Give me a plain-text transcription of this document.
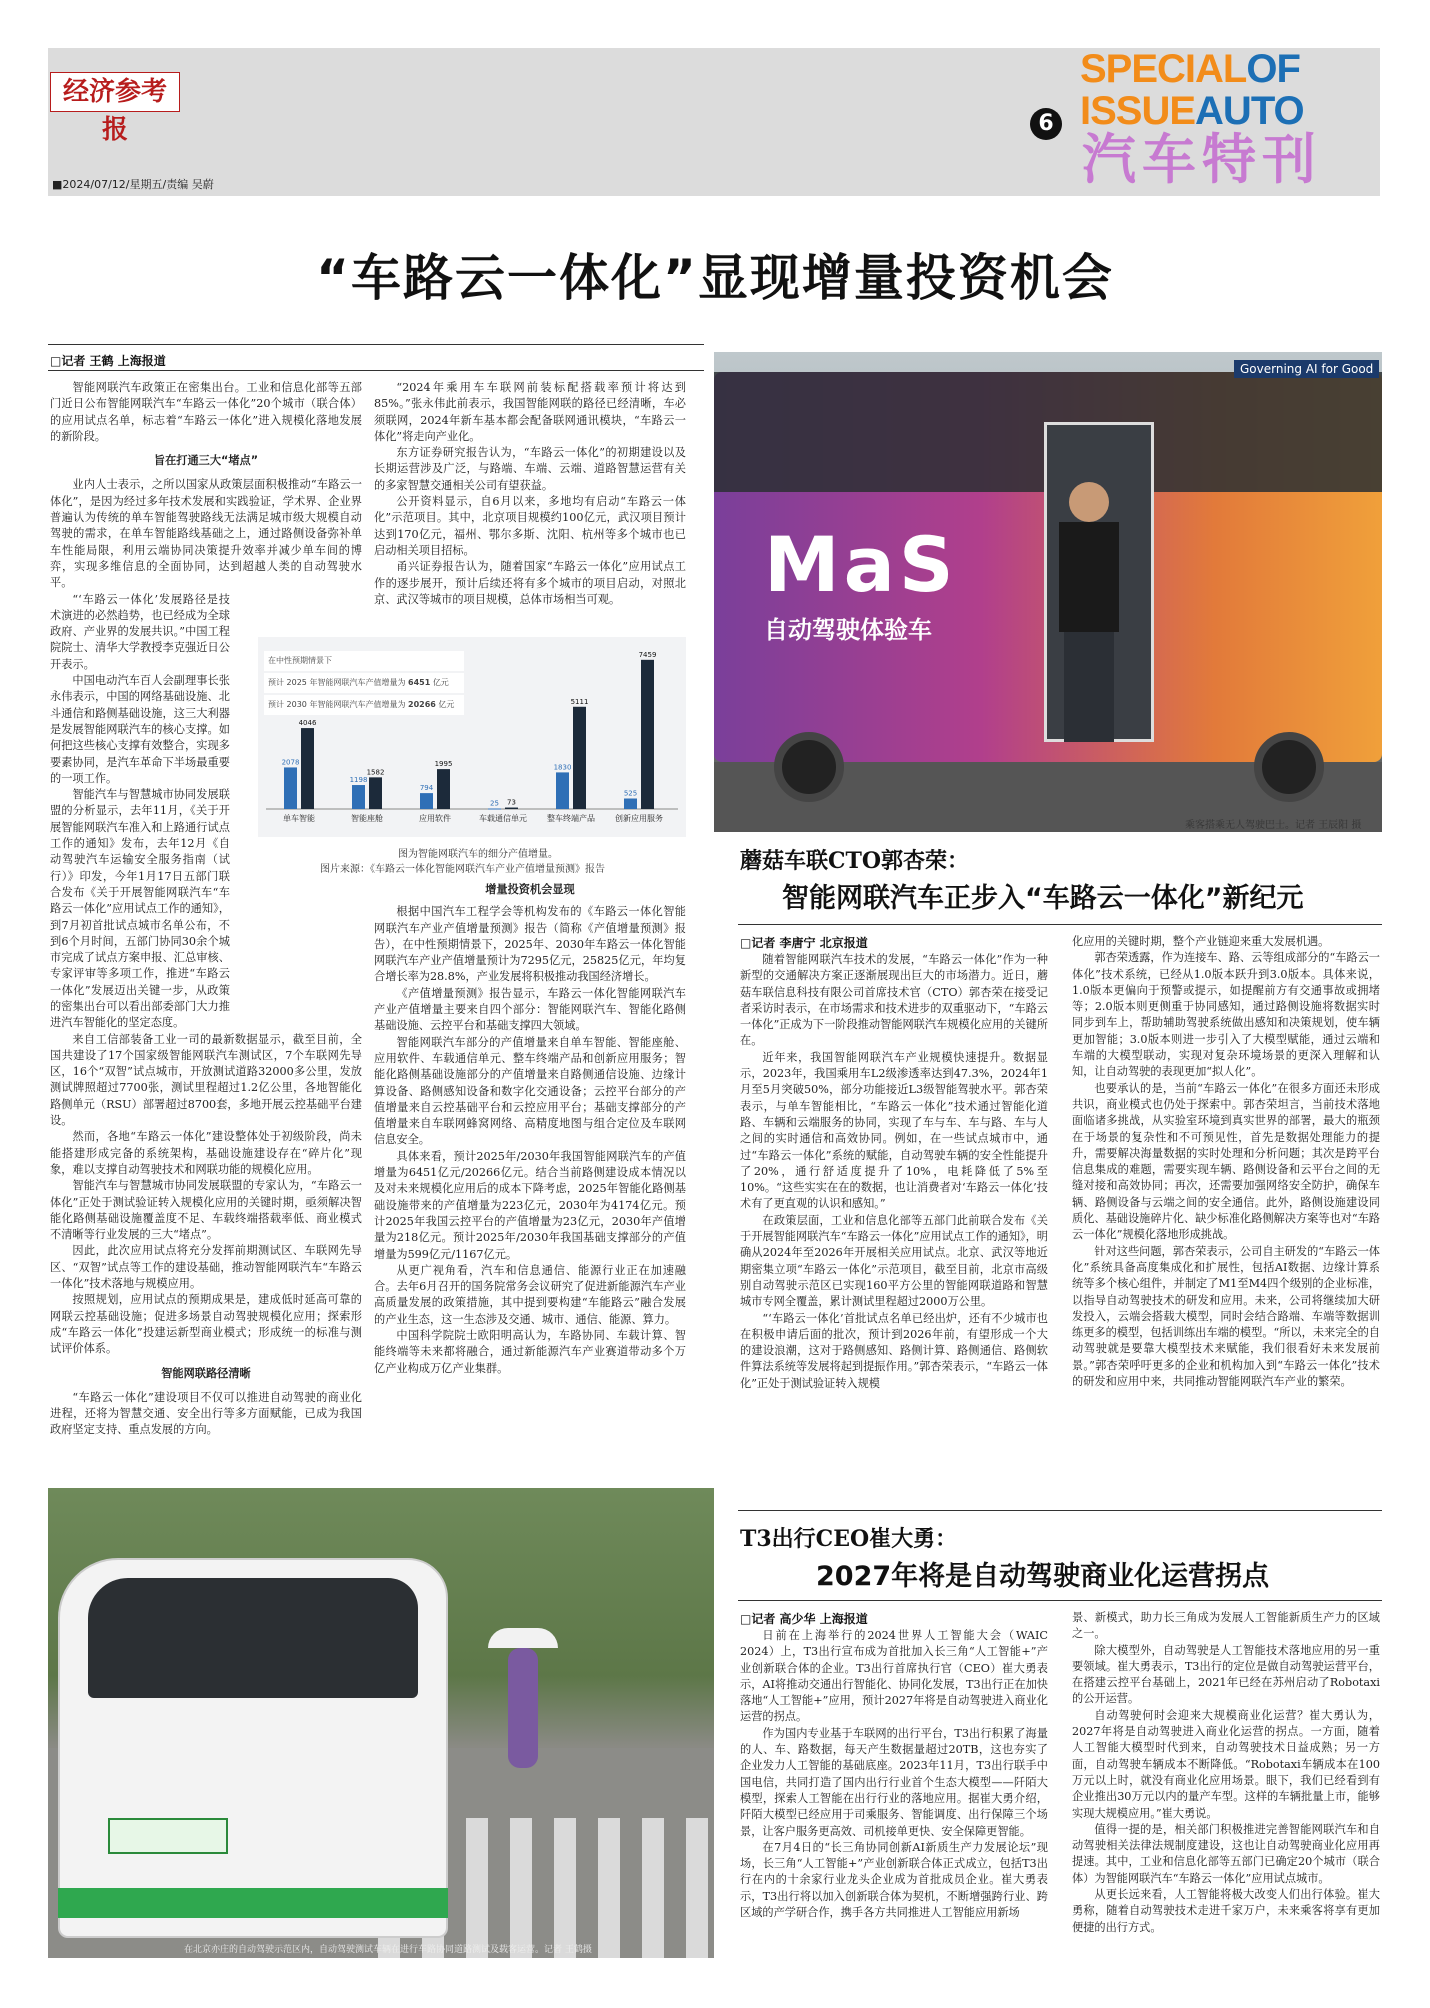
经济参考报	6
SPECIALOF
ISSUEAUTO
汽车特刊
■2024/07/12/星期五/责编 吴蔚
“车路云一体化”显现增量投资机会
□记者 王鹤 上海报道

智能网联汽车政策正在密集出台。工业和信息化部等五部门近日公布智能网联汽车“车路云一体化”20个城市（联合体）的应用试点名单，标志着“车路云一体化”进入规模化落地发展的新阶段。

旨在打通三大“堵点”

业内人士表示，之所以国家从政策层面积极推动“车路云一体化”，是因为经过多年技术发展和实践验证，学术界、企业界普遍认为传统的单车智能驾驶路线无法满足城市级大规模自动驾驶的需求，在单车智能路线基础之上，通过路侧设备弥补单车性能局限，利用云端协同决策提升效率并减少单车间的博弈，实现多维信息的全面协同，达到超越人类的自动驾驶水平。

“‘车路云一体化’发展路径是技术演进的必然趋势，也已经成为全球政府、产业界的发展共识。”中国工程院院士、清华大学教授李克强近日公开表示。

中国电动汽车百人会副理事长张永伟表示，中国的网络基础设施、北斗通信和路侧基础设施，这三大利器是发展智能网联汽车的核心支撑。如何把这些核心支撑有效整合，实现多要素协同，是汽车革命下半场最重要的一项工作。

智能汽车与智慧城市协同发展联盟的分析显示，去年11月，《关于开展智能网联汽车准入和上路通行试点工作的通知》发布，去年12月《自动驾驶汽车运输安全服务指南（试行）》印发，今年1月17日五部门联合发布《关于开展智能网联汽车“车路云一体化”应用试点工作的通知》，到7月初首批试点城市名单公布，不到6个月时间，五部门协同30余个城市完成了试点方案申报、汇总审核、专家评审等多项工作，推进“车路云一体化”发展迈出关键一步，从政策的密集出台可以看出部委部门大力推进汽车智能化的坚定态度。

来自工信部装备工业一司的最新数据显示，截至目前，全国共建设了17个国家级智能网联汽车测试区，7个车联网先导区，16个“双智”试点城市，开放测试道路32000多公里，发放测试牌照超过7700张，测试里程超过1.2亿公里，各地智能化路侧单元（RSU）部署超过8700套，多地开展云控基础平台建设。

然而，各地“车路云一体化”建设整体处于初级阶段，尚未能搭建形成完备的系统架构，基础设施建设存在“碎片化”现象，难以支撑自动驾驶技术和网联功能的规模化应用。

智能汽车与智慧城市协同发展联盟的专家认为，“车路云一体化”正处于测试验证转入规模化应用的关键时期，亟须解决智能化路侧基础设施覆盖度不足、车载终端搭载率低、商业模式不清晰等行业发展的三大“堵点”。

因此，此次应用试点将充分发挥前期测试区、车联网先导区、“双智”试点等工作的建设基础，推动智能网联汽车“车路云一体化”技术落地与规模应用。

按照规划，应用试点的预期成果是，建成低时延高可靠的网联云控基础设施；促进多场景自动驾驶规模化应用；探索形成“车路云一体化”投建运新型商业模式；形成统一的标准与测试评价体系。

智能网联路径清晰

“车路云一体化”建设项目不仅可以推进自动驾驶的商业化进程，还将为智慧交通、安全出行等多方面赋能，已成为我国政府坚定支持、重点发展的方向。

“2024年乘用车车联网前装标配搭载率预计将达到85%。”张永伟此前表示，我国智能网联的路径已经清晰，车必须联网，2024年新车基本都会配备联网通讯模块，“车路云一体化”将走向产业化。

东方证券研究报告认为，“车路云一体化”的初期建设以及长期运营涉及广泛，与路端、车端、云端、道路智慧运营有关的多家智慧交通相关公司有望获益。

公开资料显示，自6月以来，多地均有启动“车路云一体化”示范项目。其中，北京项目规模约100亿元，武汉项目预计达到170亿元，福州、鄂尔多斯、沈阳、杭州等多个城市也已启动相关项目招标。

甬兴证券报告认为，随着国家“车路云一体化”应用试点工作的逐步展开，预计后续还将有多个城市的项目启动，对照北京、武汉等城市的项目规模，总体市场相当可观。

在中性预期情景下
预计 2025 年智能网联汽车产值增量为 6451 亿元
预计 2030 年智能网联汽车产值增量为 20266 亿元
2078
4046
单车智能
1198
1582
智能座舱
794
1995
应用软件
25 73
车载通信单元
1830
5111
整车终端产品
525
7459
创新应用服务
图为智能网联汽车的细分产值增量。
图片来源：《车路云一体化智能网联汽车产业产值增量预测》报告

增量投资机会显现

根据中国汽车工程学会等机构发布的《车路云一体化智能网联汽车产业产值增量预测》报告（简称《产值增量预测》报告），在中性预期情景下，2025年、2030年车路云一体化智能网联汽车产业产值增量预计为7295亿元，25825亿元，年均复合增长率为28.8%，产业发展将积极推动我国经济增长。

《产值增量预测》报告显示，车路云一体化智能网联汽车产业产值增量主要来自四个部分：智能网联汽车、智能化路侧基础设施、云控平台和基础支撑四大领域。

智能网联汽车部分的产值增量来自单车智能、智能座舱、应用软件、车载通信单元、整车终端产品和创新应用服务；智能化路侧基础设施部分的产值增量来自路侧通信设施、边缘计算设备、路侧感知设备和数字化交通设备；云控平台部分的产值增量来自云控基础平台和云控应用平台；基础支撑部分的产值增量来自车联网蜂窝网络、高精度地图与组合定位及车联网信息安全。

具体来看，预计2025年/2030年我国智能网联汽车的产值增量为6451亿元/20266亿元。结合当前路侧建设成本情况以及对未来规模化应用后的成本下降考虑，2025年智能化路侧基础设施带来的产值增量为223亿元，2030年为4174亿元。预计2025年我国云控平台的产值增量为23亿元，2030年产值增量为218亿元。预计2025年/2030年我国基础支撑部分的产值增量为599亿元/1167亿元。

从更广视角看，汽车和信息通信、能源行业正在加速融合。去年6月召开的国务院常务会议研究了促进新能源汽车产业高质量发展的政策措施，其中提到要构建“车能路云”融合发展的产业生态，这一生态涉及交通、城市、通信、能源、算力。

中国科学院院士欧阳明高认为，车路协同、车载计算、智能终端等未来都将融合，通过新能源汽车产业赛道带动多个万亿产业构成万亿产业集群。

在北京亦庄的自动驾驶示范区内，自动驾驶测试车辆在进行车路协同道路测试及载客运营。记者 王鹤摄
MaS
自动驾驶体验车
Governing AI for Good
乘客搭乘无人驾驶巴士。记者 王辰阳 摄
蘑菇车联CTO郭杏荣：
智能网联汽车正步入“车路云一体化”新纪元
□记者 李唐宁 北京报道

随着智能网联汽车技术的发展，“车路云一体化”作为一种新型的交通解决方案正逐渐展现出巨大的市场潜力。近日，蘑菇车联信息科技有限公司首席技术官（CTO）郭杏荣在接受记者采访时表示，在市场需求和技术进步的双重驱动下，“车路云一体化”正成为下一阶段推动智能网联汽车规模化应用的关键所在。

近年来，我国智能网联汽车产业规模快速提升。数据显示，2023年，我国乘用车L2级渗透率达到47.3%，2024年1月至5月突破50%，部分功能接近L3级智能驾驶水平。郭杏荣表示，与单车智能相比，“车路云一体化”技术通过智能化道路、车辆和云端服务的协同，实现了车与车、车与路、车与人之间的实时通信和高效协同。例如，在一些试点城市中，通过“车路云一体化”系统的赋能，自动驾驶车辆的安全性能提升了20%，通行舒适度提升了10%，电耗降低了5%至10%。“这些实实在在的数据，也让消费者对‘车路云一体化’技术有了更直观的认识和感知。”

在政策层面，工业和信息化部等五部门此前联合发布《关于开展智能网联汽车“车路云一体化”应用试点工作的通知》，明确从2024年至2026年开展相关应用试点。北京、武汉等地近期密集立项“车路云一体化”示范项目，截至目前，北京市高级别自动驾驶示范区已实现160平方公里的智能网联道路和智慧城市专网全覆盖，累计测试里程超过2000万公里。

“‘车路云一体化’首批试点名单已经出炉，还有不少城市也在积极申请后面的批次，预计到2026年前，有望形成一个大的建设浪潮，这对于路侧感知、路侧计算、路侧通信、路侧软件算法系统等发展将起到提振作用。”郭杏荣表示，“车路云一体化”正处于测试验证转入规模

化应用的关键时期，整个产业链迎来重大发展机遇。

郭杏荣透露，作为连接车、路、云等组成部分的“车路云一体化”技术系统，已经从1.0版本跃升到3.0版本。具体来说，1.0版本更偏向于预警或提示，如提醒前方有交通事故或拥堵等；2.0版本则更侧重于协同感知，通过路侧设施将数据实时同步到车上，帮助辅助驾驶系统做出感知和决策规划，使车辆更加智能；3.0版本则进一步引入了大模型赋能，通过云端和车端的大模型联动，实现对复杂环境场景的更深入理解和认知，让自动驾驶的表现更加“拟人化”。

也要承认的是，当前“车路云一体化”在很多方面还未形成共识，商业模式也仍处于探索中。郭杏荣坦言，当前技术落地面临诸多挑战，从实验室环境到真实世界的部署，最大的瓶颈在于场景的复杂性和不可预见性，首先是数据处理能力的提升，需要解决海量数据的实时处理和分析问题；其次是跨平台信息集成的难题，需要实现车辆、路侧设备和云平台之间的无缝对接和高效协同；再次，还需要加强网络安全防护，确保车辆、路侧设备与云端之间的安全通信。此外，路侧设施建设同质化、基础设施碎片化、缺少标准化路侧解决方案等也对“车路云一体化”规模化落地形成挑战。

针对这些问题，郭杏荣表示，公司自主研发的“车路云一体化”系统具备高度集成化和扩展性，包括AI数据、边缘计算系统等多个核心组件，并制定了M1至M4四个级别的企业标准，以指导自动驾驶技术的研发和应用。未来，公司将继续加大研发投入，云端会搭载大模型，同时会结合路端、车端等数据训练更多的模型，包括训练出车端的模型。“所以，未来完全的自动驾驶就是要靠大模型技术来赋能，我们很看好未来发展前景。”郭杏荣呼吁更多的企业和机构加入到“车路云一体化”技术的研发和应用中来，共同推动智能网联汽车产业的繁荣。

T3出行CEO崔大勇：
2027年将是自动驾驶商业化运营拐点
□记者 高少华 上海报道

日前在上海举行的2024世界人工智能大会（WAIC 2024）上，T3出行宣布成为首批加入长三角“人工智能+”产业创新联合体的企业。T3出行首席执行官（CEO）崔大勇表示，AI将推动交通出行智能化、协同化发展，T3出行正在加快落地“人工智能+”应用，预计2027年将是自动驾驶进入商业化运营的拐点。

作为国内专业基于车联网的出行平台，T3出行积累了海量的人、车、路数据，每天产生数据量超过20TB，这也夯实了企业发力人工智能的基础底座。2023年11月，T3出行联手中国电信，共同打造了国内出行行业首个生态大模型——阡陌大模型，探索人工智能在出行行业的落地应用。据崔大勇介绍，阡陌大模型已经应用于司乘服务、智能调度、出行保障三个场景，让客户服务更高效、司机接单更快、安全保障更智能。

在7月4日的“长三角协同创新AI新质生产力发展论坛”现场，长三角“人工智能+”产业创新联合体正式成立，包括T3出行在内的十余家行业龙头企业成为首批成员企业。崔大勇表示，T3出行将以加入创新联合体为契机，不断增强跨行业、跨区域的产学研合作，携手各方共同推进人工智能应用新场

景、新模式，助力长三角成为发展人工智能新质生产力的区域之一。

除大模型外，自动驾驶是人工智能技术落地应用的另一重要领域。崔大勇表示，T3出行的定位是做自动驾驶运营平台，在搭建云控平台基础上，2021年已经在苏州启动了Robotaxi的公开运营。

自动驾驶何时会迎来大规模商业化运营？崔大勇认为，2027年将是自动驾驶进入商业化运营的拐点。一方面，随着人工智能大模型时代到来，自动驾驶技术日益成熟；另一方面，自动驾驶车辆成本不断降低。“Robotaxi车辆成本在100万元以上时，就没有商业化应用场景。眼下，我们已经看到有企业推出30万元以内的量产车型。这样的车辆批量上市，能够实现大规模应用。”崔大勇说。

值得一提的是，相关部门积极推进完善智能网联汽车和自动驾驶相关法律法规制度建设，这也让自动驾驶商业化应用再提速。其中，工业和信息化部等五部门已确定20个城市（联合体）为智能网联汽车“车路云一体化”应用试点城市。

从更长远来看，人工智能将极大改变人们出行体验。崔大勇称，随着自动驾驶技术走进千家万户，未来乘客将享有更加便捷的出行方式。
